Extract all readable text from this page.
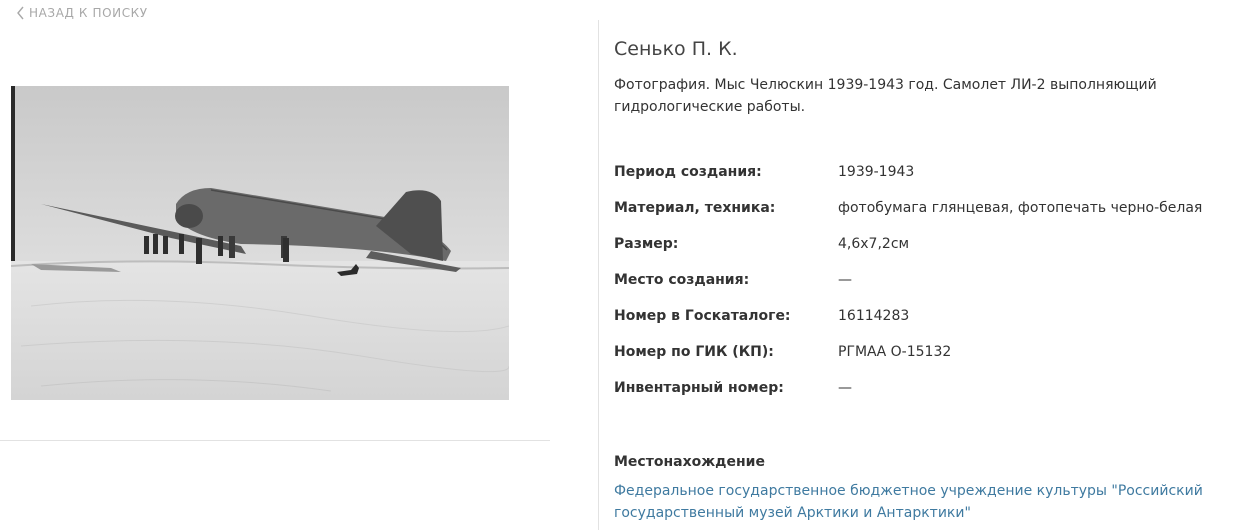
НАЗАД К ПОИСКУ
Сенько П. К.

Фотография. Мыс Челюскин 1939-1943 год. Самолет ЛИ-2 выполняющий гидрологические работы.

Период создания:	1939-1943
Материал, техника:	фотобумага глянцевая, фотопечать черно-белая
Размер:	4,6x7,2см
Место создания:	—
Номер в Госкаталоге:	16114283
Номер по ГИК (КП):	РГМАА О-15132
Инвентарный номер:	—
Местонахождение
Федеральное государственное бюджетное учреждение культуры "Российский государственный музей Арктики и Антарктики"
